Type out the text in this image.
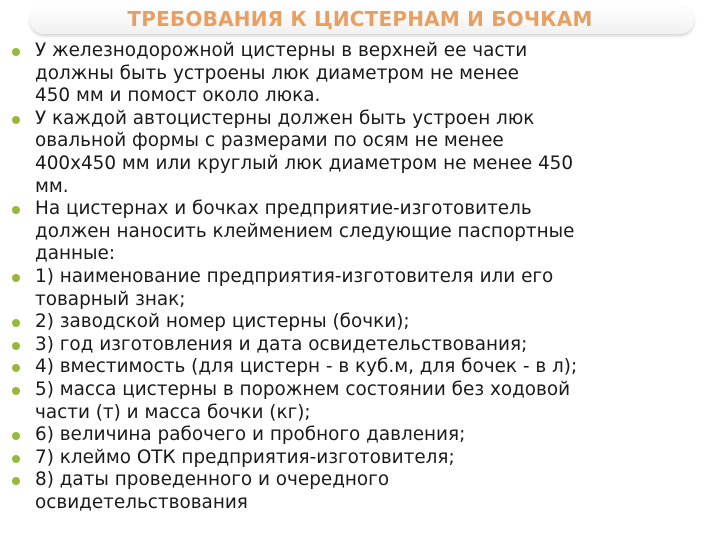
ТРЕБОВАНИЯ К ЦИСТЕРНАМ И БОЧКАМ
У железнодорожной цистерны в верхней ее части
должны быть устроены люк диаметром не менее
450 мм и помост около люка.
У каждой автоцистерны должен быть устроен люк
овальной формы с размерами по осям не менее
400х450 мм или круглый люк диаметром не менее 450
мм.
На цистернах и бочках предприятие-изготовитель
должен наносить клеймением следующие паспортные
данные:
1) наименование предприятия-изготовителя или его
товарный знак;
2) заводской номер цистерны (бочки);
3) год изготовления и дата освидетельствования;
4) вместимость (для цистерн - в куб.м, для бочек - в л);
5) масса цистерны в порожнем состоянии без ходовой
части (т) и масса бочки (кг);
6) величина рабочего и пробного давления;
7) клеймо ОТК предприятия-изготовителя;
8) даты проведенного и очередного
освидетельствования
